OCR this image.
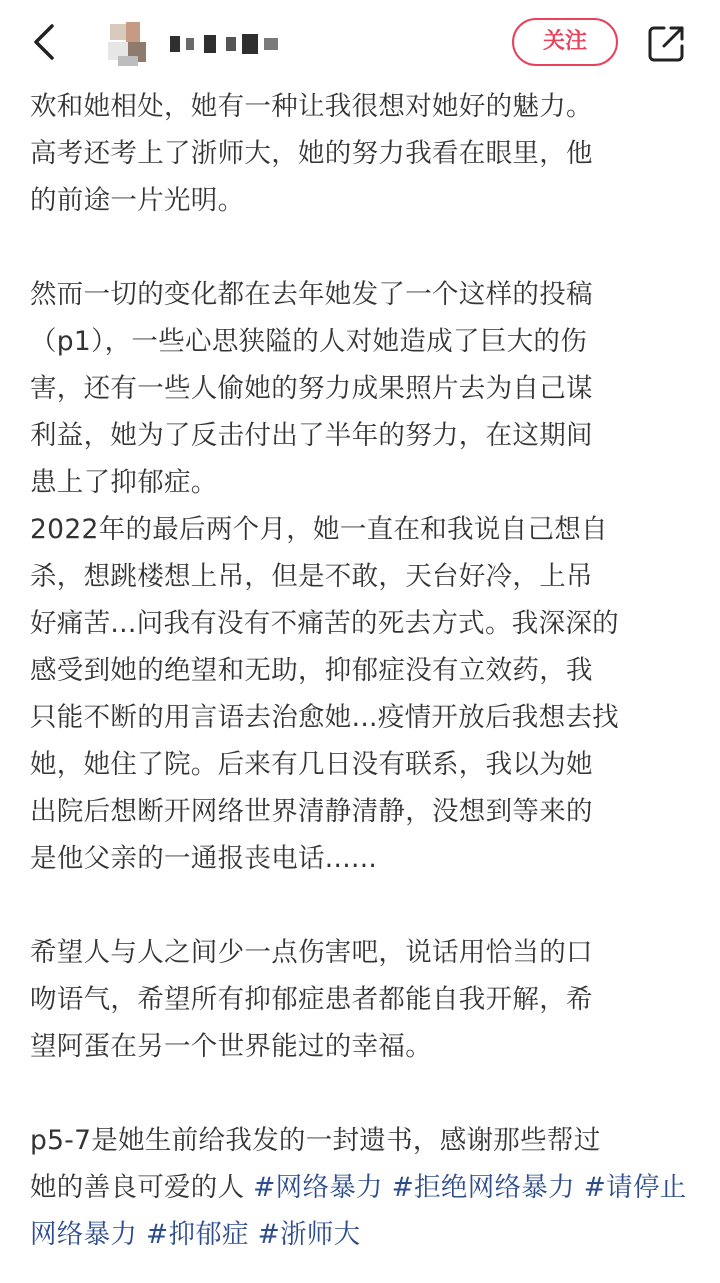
关注

欢和她相处，她有一种让我很想对她好的魅力。
高考还考上了浙师大，她的努力我看在眼里，他
的前途一片光明。

然而一切的变化都在去年她发了一个这样的投稿
（p1），一些心思狭隘的人对她造成了巨大的伤
害，还有一些人偷她的努力成果照片去为自己谋
利益，她为了反击付出了半年的努力，在这期间
患上了抑郁症。

2022年的最后两个月，她一直在和我说自己想自
杀，想跳楼想上吊，但是不敢，天台好冷，上吊
好痛苦...问我有没有不痛苦的死去方式。我深深的
感受到她的绝望和无助，抑郁症没有立效药，我
只能不断的用言语去治愈她...疫情开放后我想去找
她，她住了院。后来有几日没有联系，我以为她
出院后想断开网络世界清静清静，没想到等来的
是他父亲的一通报丧电话......

希望人与人之间少一点伤害吧，说话用恰当的口
吻语气，希望所有抑郁症患者都能自我开解，希
望阿蛋在另一个世界能过的幸福。

p5-7是她生前给我发的一封遗书，感谢那些帮过
她的善良可爱的人 #网络暴力 #拒绝网络暴力 #请停止网络暴力 #抑郁症 #浙师大
